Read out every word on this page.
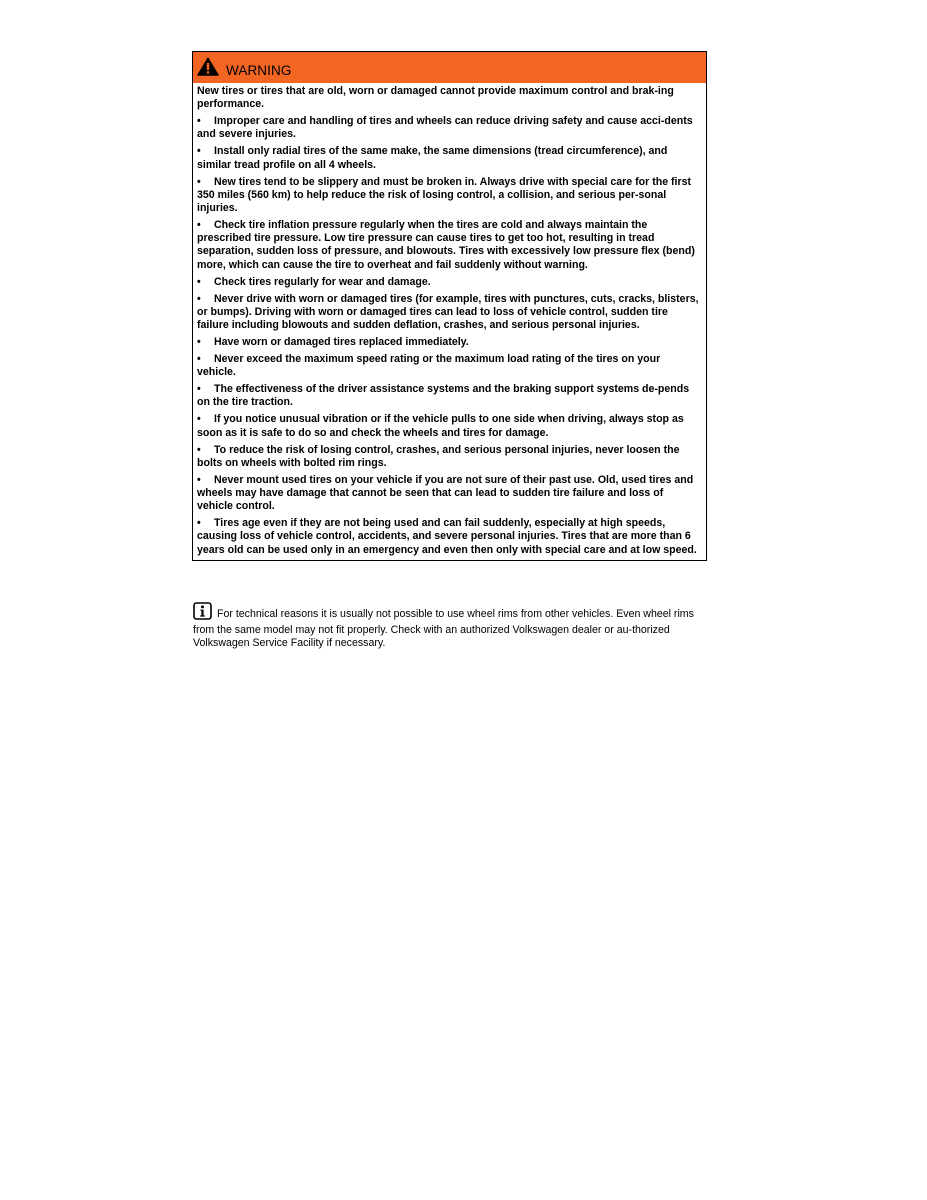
WARNING

New tires or tires that are old, worn or damaged cannot provide maximum control and brak-ing performance.

• Improper care and handling of tires and wheels can reduce driving safety and cause acci-dents and severe injuries.

• Install only radial tires of the same make, the same dimensions (tread circumference), and similar tread profile on all 4 wheels.

• New tires tend to be slippery and must be broken in. Always drive with special care for the first 350 miles (560 km) to help reduce the risk of losing control, a collision, and serious per-sonal injuries.

• Check tire inflation pressure regularly when the tires are cold and always maintain the prescribed tire pressure. Low tire pressure can cause tires to get too hot, resulting in tread separation, sudden loss of pressure, and blowouts. Tires with excessively low pressure flex (bend) more, which can cause the tire to overheat and fail suddenly without warning.

• Check tires regularly for wear and damage.

• Never drive with worn or damaged tires (for example, tires with punctures, cuts, cracks, blisters, or bumps). Driving with worn or damaged tires can lead to loss of vehicle control, sudden tire failure including blowouts and sudden deflation, crashes, and serious personal injuries.

• Have worn or damaged tires replaced immediately.

• Never exceed the maximum speed rating or the maximum load rating of the tires on your vehicle.

• The effectiveness of the driver assistance systems and the braking support systems de-pends on the tire traction.

• If you notice unusual vibration or if the vehicle pulls to one side when driving, always stop as soon as it is safe to do so and check the wheels and tires for damage.

• To reduce the risk of losing control, crashes, and serious personal injuries, never loosen the bolts on wheels with bolted rim rings.

• Never mount used tires on your vehicle if you are not sure of their past use. Old, used tires and wheels may have damage that cannot be seen that can lead to sudden tire failure and loss of vehicle control.

• Tires age even if they are not being used and can fail suddenly, especially at high speeds, causing loss of vehicle control, accidents, and severe personal injuries. Tires that are more than 6 years old can be used only in an emergency and even then only with special care and at low speed.

For technical reasons it is usually not possible to use wheel rims from other vehicles. Even wheel rims from the same model may not fit properly. Check with an authorized Volkswagen dealer or au-thorized Volkswagen Service Facility if necessary.
